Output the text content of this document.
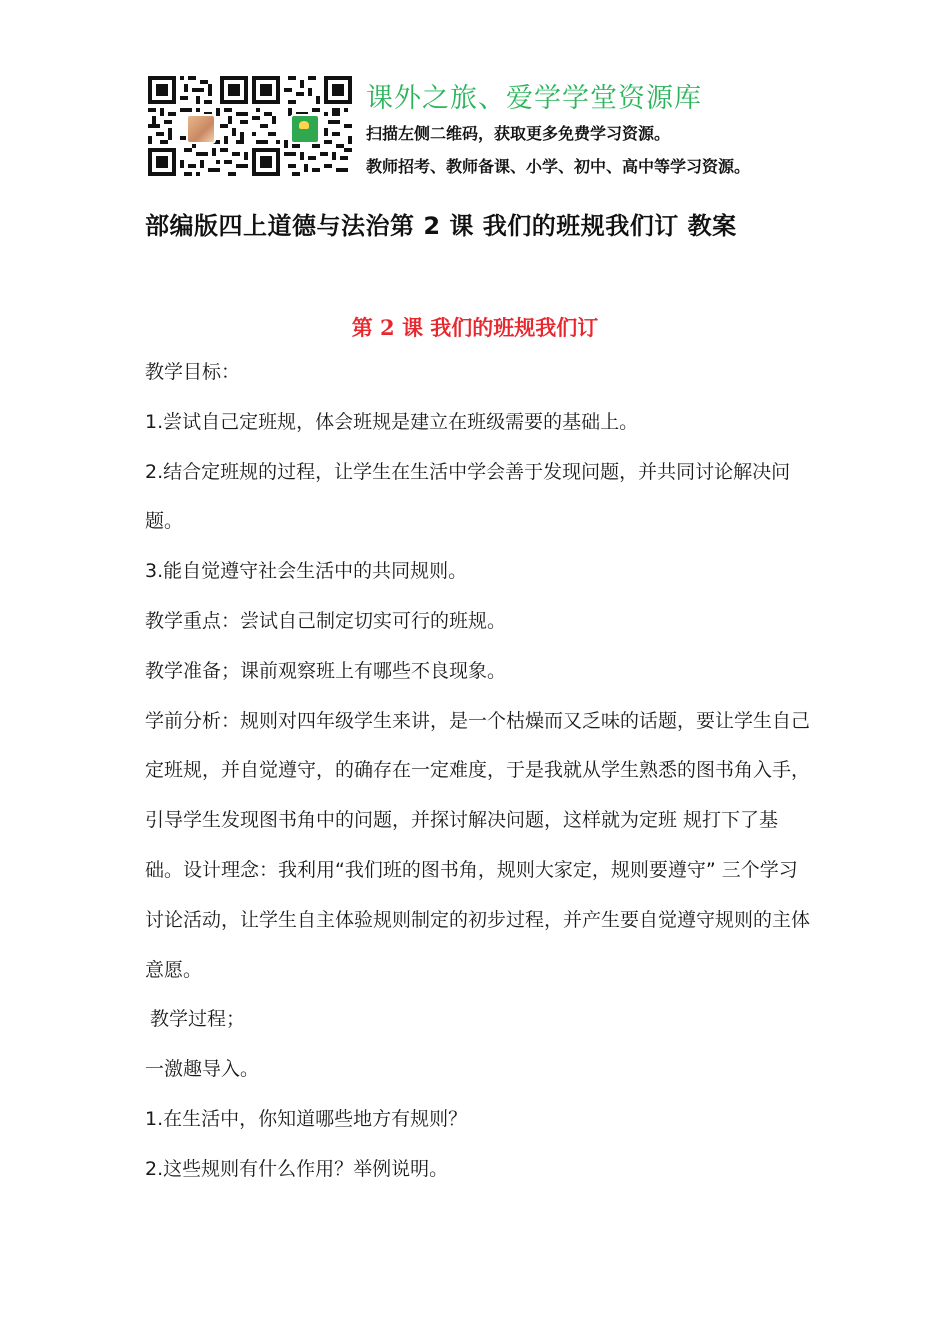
课外之旅、爱学学堂资源库
扫描左侧二维码，获取更多免费学习资源。
教师招考、教师备课、小学、初中、高中等学习资源。
部编版四上道德与法治第 2 课 我们的班规我们订 教案
第 2 课 我们的班规我们订

教学目标：

1.尝试自己定班规，体会班规是建立在班级需要的基础上。

2.结合定班规的过程，让学生在生活中学会善于发现问题，并共同讨论解决问题。

3.能自觉遵守社会生活中的共同规则。

教学重点：尝试自己制定切实可行的班规。

教学准备；课前观察班上有哪些不良现象。

学前分析：规则对四年级学生来讲，是一个枯燥而又乏味的话题，要让学生自己定班规，并自觉遵守，的确存在一定难度，于是我就从学生熟悉的图书角入手，引导学生发现图书角中的问题，并探讨解决问题，这样就为定班 规打下了基础。设计理念：我利用“我们班的图书角，规则大家定，规则要遵守” 三个学习讨论活动，让学生自主体验规则制定的初步过程，并产生要自觉遵守规则的主体意愿。

教学过程；

一激趣导入。

1.在生活中，你知道哪些地方有规则？

2.这些规则有什么作用？举例说明。
